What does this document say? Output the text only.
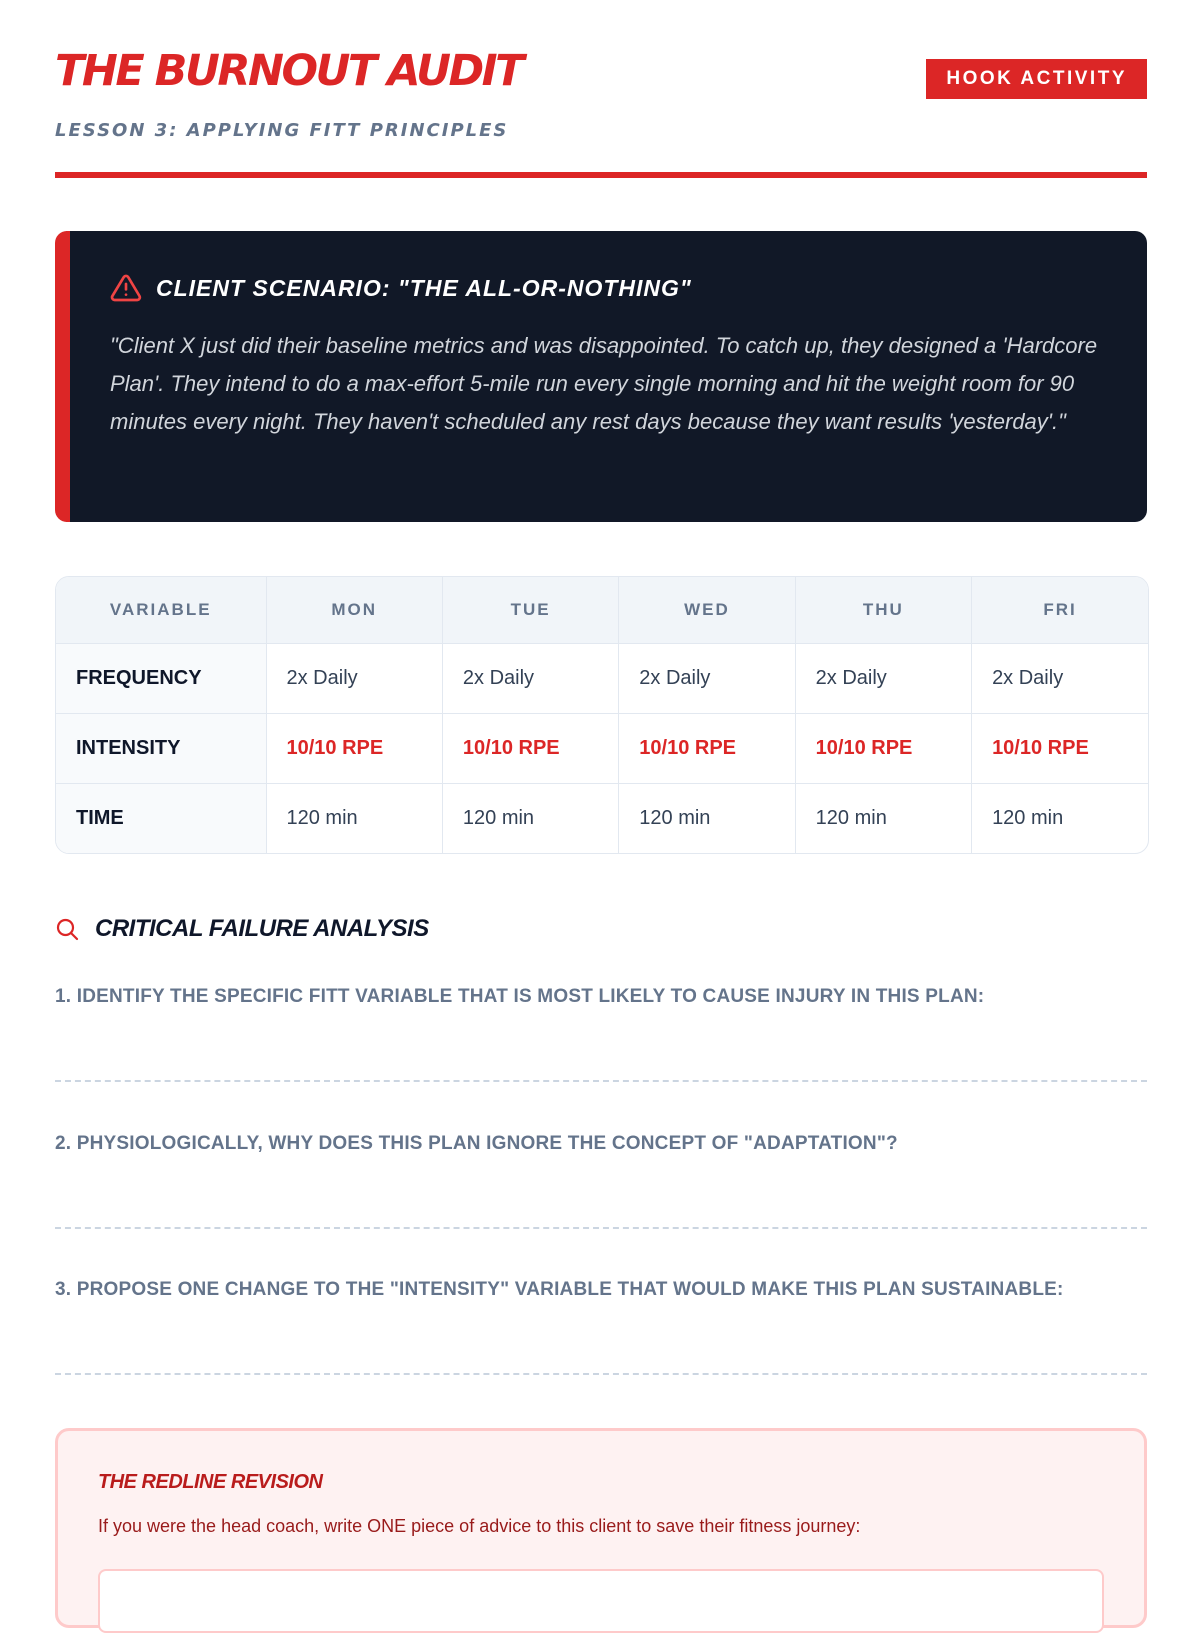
THE BURNOUT AUDIT
LESSON 3: APPLYING FITT PRINCIPLES
HOOK ACTIVITY
CLIENT SCENARIO: "THE ALL-OR-NOTHING"
"Client X just did their baseline metrics and was disappointed. To catch up, they designed a 'Hardcore Plan'. They intend to do a max-effort 5-mile run every single morning and hit the weight room for 90 minutes every night. They haven't scheduled any rest days because they want results 'yesterday'."
VARIABLE	MON	TUE	WED	THU	FRI
FREQUENCY	2x Daily	2x Daily	2x Daily	2x Daily	2x Daily
INTENSITY	10/10 RPE	10/10 RPE	10/10 RPE	10/10 RPE	10/10 RPE
TIME	120 min	120 min	120 min	120 min	120 min
CRITICAL FAILURE ANALYSIS
1. IDENTIFY THE SPECIFIC FITT VARIABLE THAT IS MOST LIKELY TO CAUSE INJURY IN THIS PLAN:
2. PHYSIOLOGICALLY, WHY DOES THIS PLAN IGNORE THE CONCEPT OF "ADAPTATION"?
3. PROPOSE ONE CHANGE TO THE "INTENSITY" VARIABLE THAT WOULD MAKE THIS PLAN SUSTAINABLE:
THE REDLINE REVISION
If you were the head coach, write ONE piece of advice to this client to save their fitness journey:
